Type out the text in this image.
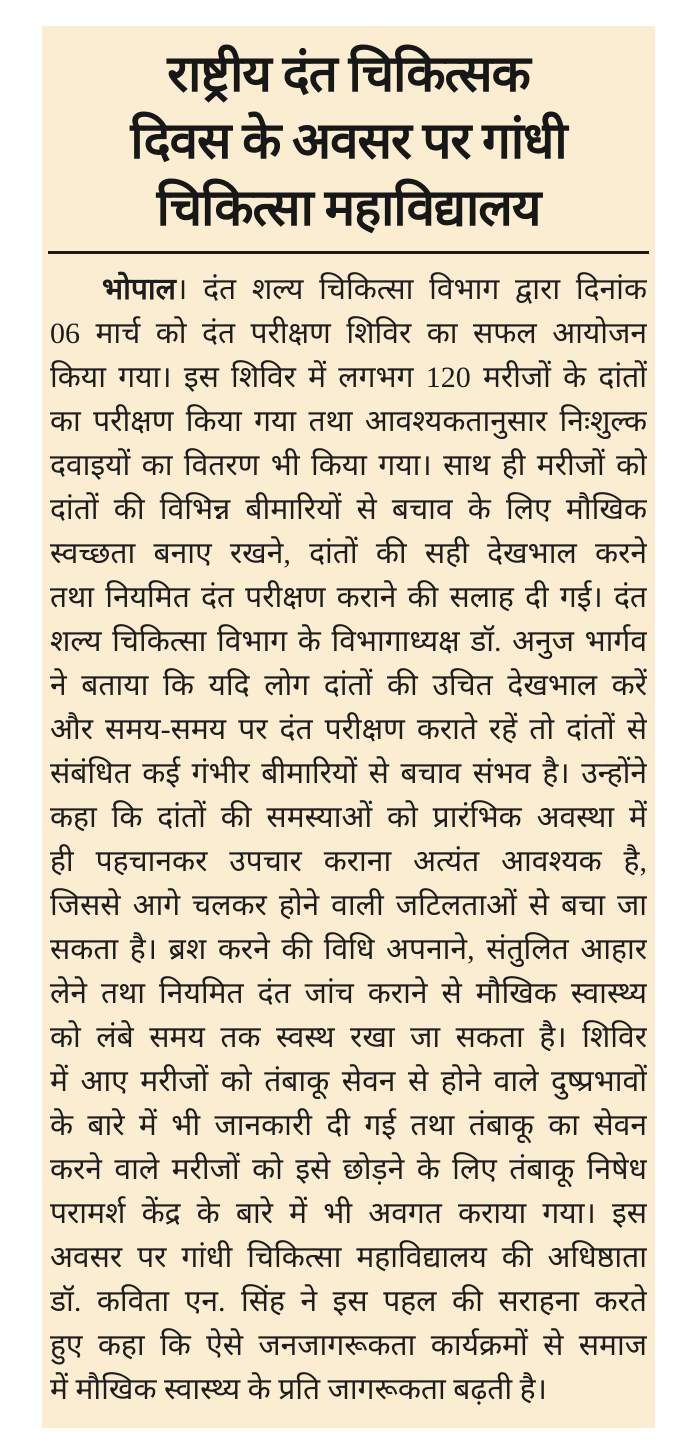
राष्ट्रीय दंत चिकित्सक
दिवस के अवसर पर गांधी
चिकित्सा महाविद्यालय
भोपाल। दंत शल्य चिकित्सा विभाग द्वारा दिनांक
06 मार्च को दंत परीक्षण शिविर का सफल आयोजन
किया गया। इस शिविर में लगभग 120 मरीजों के दांतों
का परीक्षण किया गया तथा आवश्यकतानुसार निःशुल्क
दवाइयों का वितरण भी किया गया। साथ ही मरीजों को
दांतों की विभिन्न बीमारियों से बचाव के लिए मौखिक
स्वच्छता बनाए रखने, दांतों की सही देखभाल करने
तथा नियमित दंत परीक्षण कराने की सलाह दी गई। दंत
शल्य चिकित्सा विभाग के विभागाध्यक्ष डॉ. अनुज भार्गव
ने बताया कि यदि लोग दांतों की उचित देखभाल करें
और समय-समय पर दंत परीक्षण कराते रहें तो दांतों से
संबंधित कई गंभीर बीमारियों से बचाव संभव है। उन्होंने
कहा कि दांतों की समस्याओं को प्रारंभिक अवस्था में
ही पहचानकर उपचार कराना अत्यंत आवश्यक है,
जिससे आगे चलकर होने वाली जटिलताओं से बचा जा
सकता है। ब्रश करने की विधि अपनाने, संतुलित आहार
लेने तथा नियमित दंत जांच कराने से मौखिक स्वास्थ्य
को लंबे समय तक स्वस्थ रखा जा सकता है। शिविर
में आए मरीजों को तंबाकू सेवन से होने वाले दुष्प्रभावों
के बारे में भी जानकारी दी गई तथा तंबाकू का सेवन
करने वाले मरीजों को इसे छोड़ने के लिए तंबाकू निषेध
परामर्श केंद्र के बारे में भी अवगत कराया गया। इस
अवसर पर गांधी चिकित्सा महाविद्यालय की अधिष्ठाता
डॉ. कविता एन. सिंह ने इस पहल की सराहना करते
हुए कहा कि ऐसे जनजागरूकता कार्यक्रमों से समाज
में मौखिक स्वास्थ्य के प्रति जागरूकता बढ़ती है।
